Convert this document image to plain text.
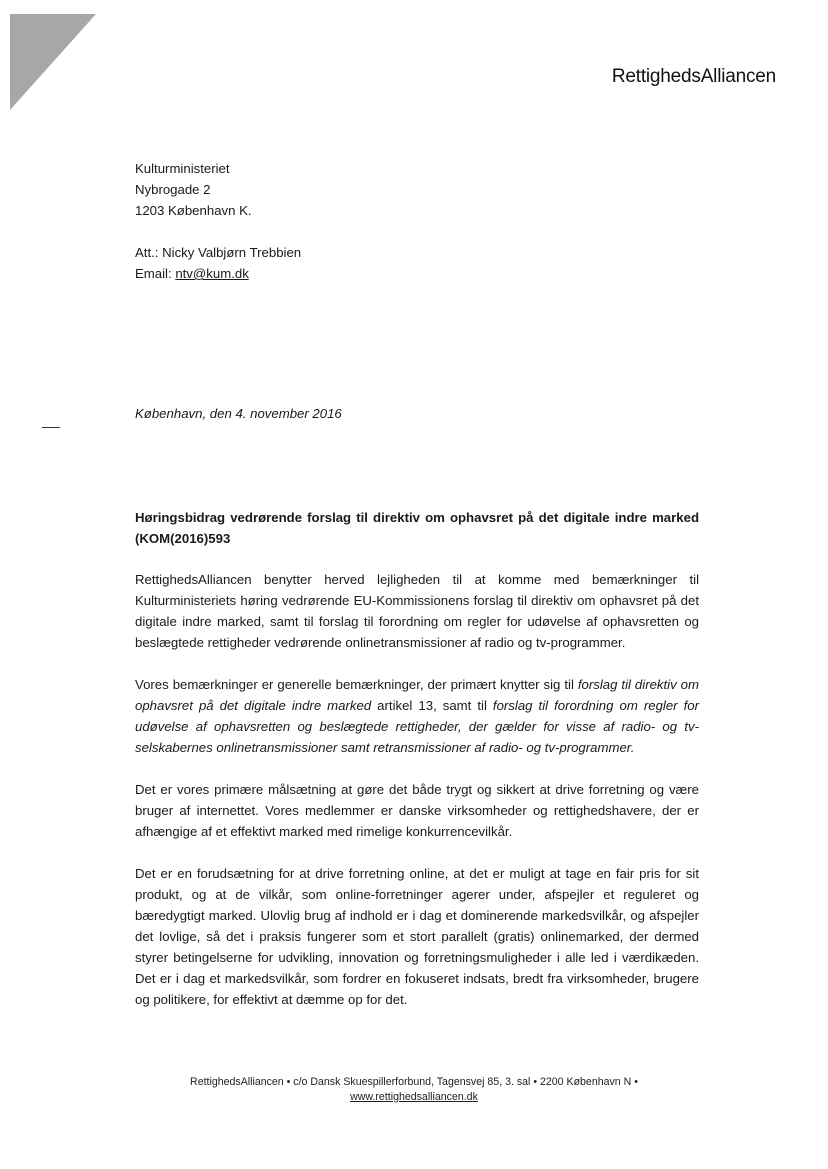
RettighedsAlliancen
Kulturministeriet
Nybrogade 2
1203 København K.
Att.: Nicky Valbjørn Trebbien
Email: ntv@kum.dk
København, den 4. november 2016
Høringsbidrag vedrørende forslag til direktiv om ophavsret på det digitale indre marked (KOM(2016)593

RettighedsAlliancen benytter herved lejligheden til at komme med bemærkninger til Kulturministeriets høring vedrørende EU-Kommissionens forslag til direktiv om ophavsret på det digitale indre marked, samt til forslag til forordning om regler for udøvelse af ophavsretten og beslægtede rettigheder vedrørende onlinetransmissioner af radio og tv-programmer.

Vores bemærkninger er generelle bemærkninger, der primært knytter sig til forslag til direktiv om ophavsret på det digitale indre marked artikel 13, samt til forslag til forordning om regler for udøvelse af ophavsretten og beslægtede rettigheder, der gælder for visse af radio- og tv-selskabernes onlinetransmissioner samt retransmissioner af radio- og tv-programmer.

Det er vores primære målsætning at gøre det både trygt og sikkert at drive forretning og være bruger af internettet. Vores medlemmer er danske virksomheder og rettighedshavere, der er afhængige af et effektivt marked med rimelige konkurrencevilkår.

Det er en forudsætning for at drive forretning online, at det er muligt at tage en fair pris for sit produkt, og at de vilkår, som online-forretninger agerer under, afspejler et reguleret og bæredygtigt marked. Ulovlig brug af indhold er i dag et dominerende markedsvilkår, og afspejler det lovlige, så det i praksis fungerer som et stort parallelt (gratis) onlinemarked, der dermed styrer betingelserne for udvikling, innovation og forretningsmuligheder i alle led i værdikæden. Det er i dag et markedsvilkår, som fordrer en fokuseret indsats, bredt fra virksomheder, brugere og politikere, for effektivt at dæmme op for det.

RettighedsAlliancen • c/o Dansk Skuespillerforbund, Tagensvej 85, 3. sal • 2200 København N •
www.rettighedsalliancen.dk
